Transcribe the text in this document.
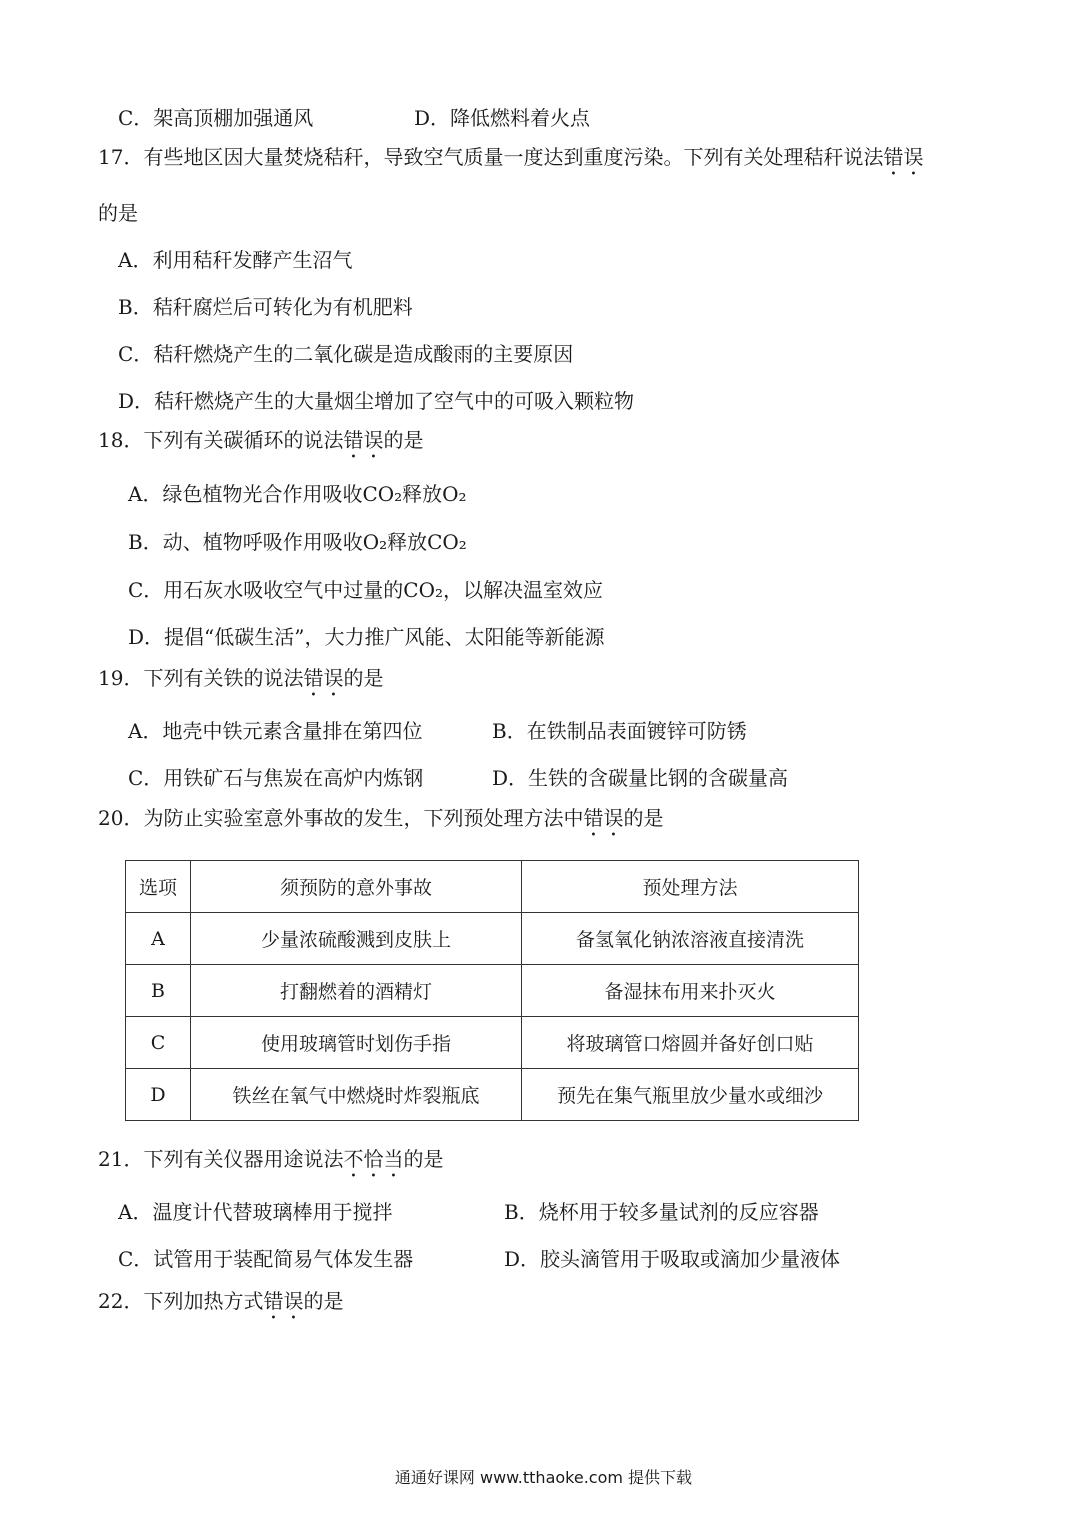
C．架高顶棚加强通风	D．降低燃料着火点
17．有些地区因大量焚烧秸秆，导致空气质量一度达到重度污染。下列有关处理秸秆说法错误
的是
A．利用秸秆发酵产生沼气
B．秸秆腐烂后可转化为有机肥料
C．秸秆燃烧产生的二氧化碳是造成酸雨的主要原因
D．秸秆燃烧产生的大量烟尘增加了空气中的可吸入颗粒物
18．下列有关碳循环的说法错误的是
A．绿色植物光合作用吸收CO₂释放O₂
B．动、植物呼吸作用吸收O₂释放CO₂
C．用石灰水吸收空气中过量的CO₂，以解决温室效应
D．提倡“低碳生活”，大力推广风能、太阳能等新能源
19．下列有关铁的说法错误的是
A．地壳中铁元素含量排在第四位	B．在铁制品表面镀锌可防锈
C．用铁矿石与焦炭在高炉内炼钢	D．生铁的含碳量比钢的含碳量高
20．为防止实验室意外事故的发生，下列预处理方法中错误的是
选项	须预防的意外事故	预处理方法
A	少量浓硫酸溅到皮肤上	备氢氧化钠浓溶液直接清洗
B	打翻燃着的酒精灯	备湿抹布用来扑灭火
C	使用玻璃管时划伤手指	将玻璃管口熔圆并备好创口贴
D	铁丝在氧气中燃烧时炸裂瓶底	预先在集气瓶里放少量水或细沙
21．下列有关仪器用途说法不恰当的是
A．温度计代替玻璃棒用于搅拌	B．烧杯用于较多量试剂的反应容器
C．试管用于装配简易气体发生器	D．胶头滴管用于吸取或滴加少量液体
22．下列加热方式错误的是
通通好课网 www.tthaoke.com 提供下载
